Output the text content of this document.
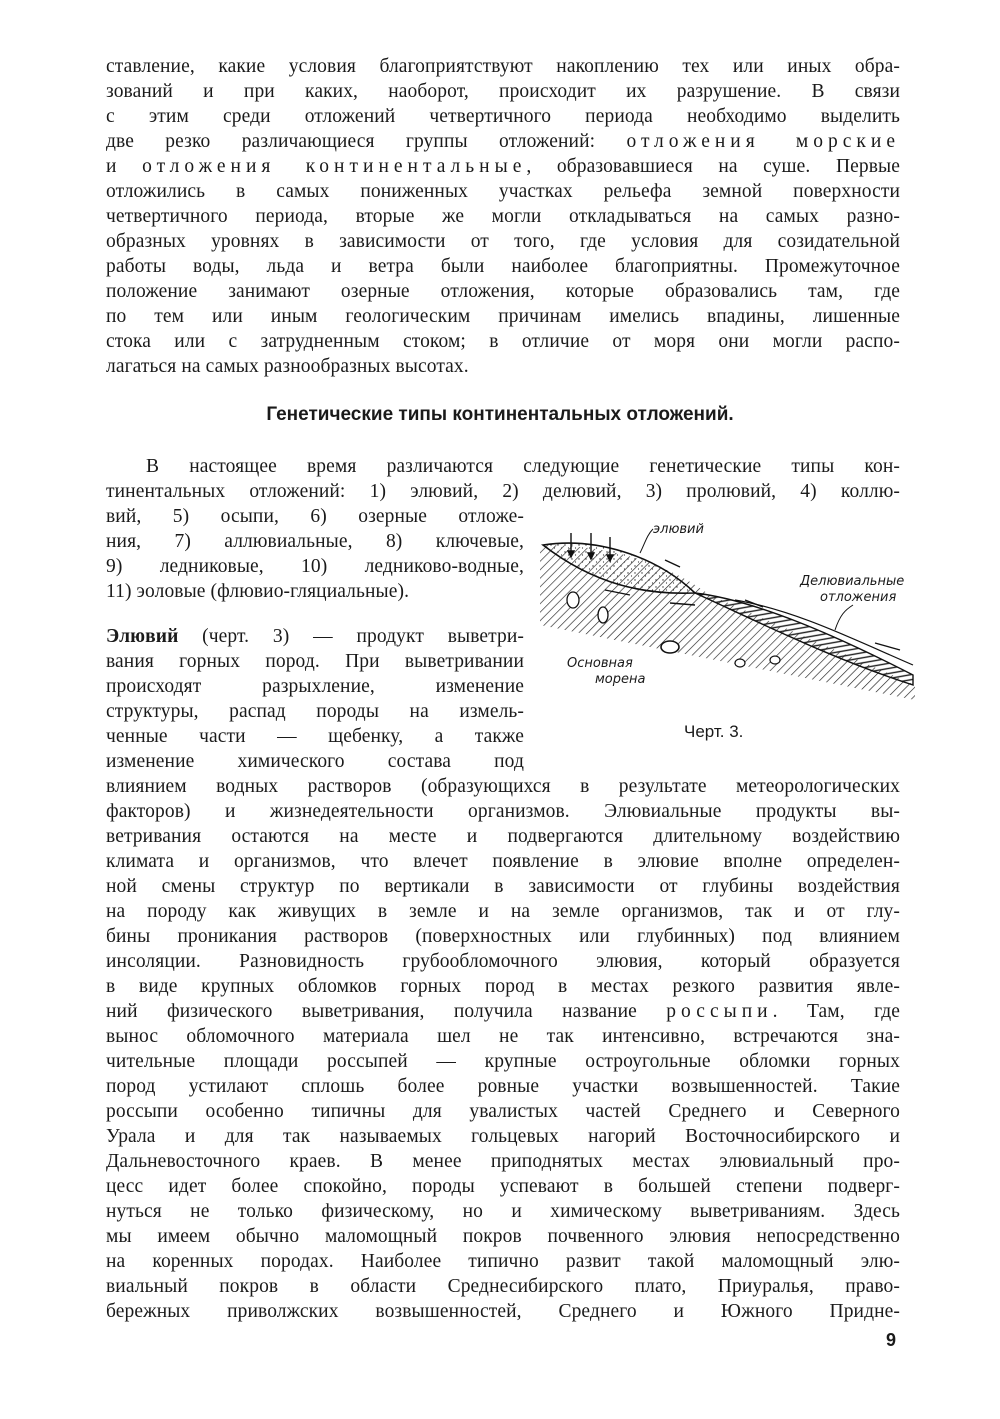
ставление, какие условия благоприятствуют накоплению тех или иных обра-
зований и при каких, наоборот, происходит их разрушение. В связи
с этим среди отложений четвертичного периода необходимо выделить
две резко различающиеся группы отложений: отложения морские
и отложения континентальные, образовавшиеся на суше. Первые
отложились в самых пониженных участках рельефа земной поверхности
четвертичного периода, вторые же могли откладываться на самых разно-
образных уровнях в зависимости от того, где условия для созидательной
работы воды, льда и ветра были наиболее благоприятны. Промежуточное
положение занимают озерные отложения, которые образовались там, где
по тем или иным геологическим причинам имелись впадины, лишенные
стока или с затрудненным стоком; в отличие от моря они могли распо-
лагаться на самых разнообразных высотах.
Генетические типы континентальных отложений.
В настоящее время различаются следующие генетические типы кон-
тинентальных отложений: 1) элювий, 2) делювий, 3) пролювий, 4) коллю-
вий, 5) осыпи, 6) озерные отложе-
ния, 7) аллювиальные, 8) ключевые,
9) ледниковые, 10) ледниково-водные,
11) эоловые (флювио-гляциальные).
Элювий (черт. 3) — продукт выветри-
вания горных пород. При выветривании
происходят разрыхление, изменение
структуры, распад породы на измель-
ченные части — щебенку, а также
изменение химического состава под
влиянием водных растворов (образующихся в результате метеорологических
факторов) и жизнедеятельности организмов. Элювиальные продукты вы-
ветривания остаются на месте и подвергаются длительному воздействию
климата и организмов, что влечет появление в элювие вполне определен-
ной смены структур по вертикали в зависимости от глубины воздействия
на породу как живущих в земле и на земле организмов, так и от глу-
бины проникания растворов (поверхностных или глубинных) под влиянием
инсоляции. Разновидность грубообломочного элювия, который образуется
в виде крупных обломков горных пород в местах резкого развития явле-
ний физического выветривания, получила название россыпи. Там, где
вынос обломочного материала шел не так интенсивно, встречаются зна-
чительные площади россыпей — крупные остроугольные обломки горных
пород устилают сплошь более ровные участки возвышенностей. Такие
россыпи особенно типичны для увалистых частей Среднего и Северного
Урала и для так называемых гольцевых нагорий Восточносибирского и
Дальневосточного краев. В менее приподнятых местах элювиальный про-
цесс идет более спокойно, породы успевают в большей степени подверг-
нуться не только физическому, но и химическому выветриваниям. Здесь
мы имеем обычно маломощный покров почвенного элювия непосредственно
на коренных породах. Наиболее типично развит такой маломощный элю-
виальный покров в области Среднесибирского плато, Приуралья, право-
бережных приволжских возвышенностей, Среднего и Южного Придне-
элювий
Делювиальные
отложения
Основная
морена
Черт. 3.
9
